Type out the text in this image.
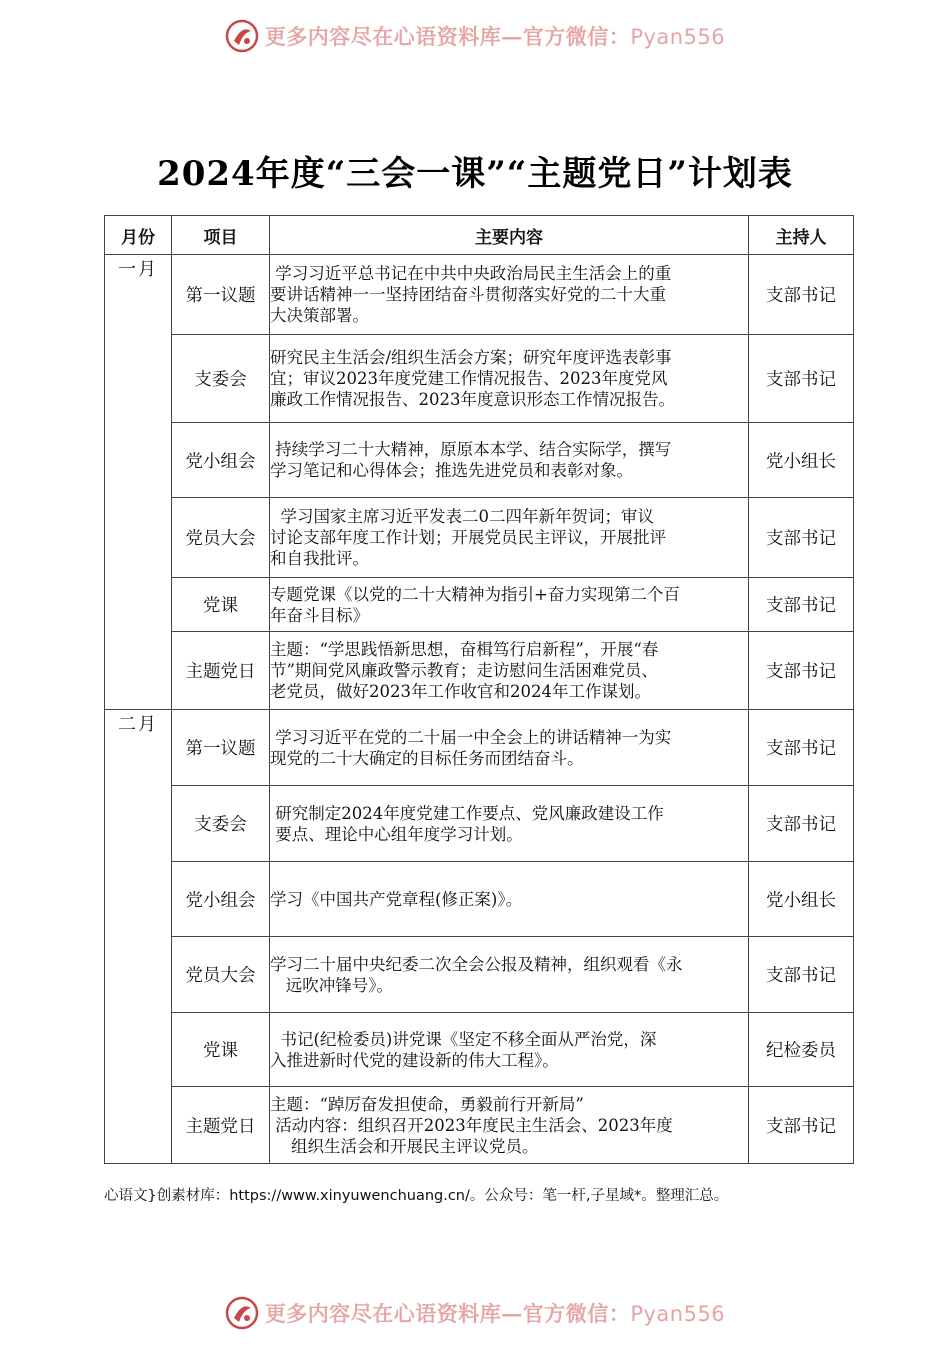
更多内容尽在心语资料库—官方微信：Pyan556
2024年度“三会一课”“主题党日”计划表
月份	项目	主要内容	主持人
一月	第一议题	学习习近平总书记在中共中央政治局民主生活会上的重
要讲话精神一一坚持团结奋斗贯彻落实好党的二十大重
大决策部署。	支部书记
	支委会	研究民主生活会/组织生活会方案；研究年度评选表彰事
宜；审议2023年度党建工作情况报告、2023年度党风
廉政工作情况报告、2023年度意识形态工作情况报告。	支部书记
	党小组会	持续学习二十大精神，原原本本学、结合实际学，撰写
学习笔记和心得体会；推选先进党员和表彰对象。	党小组长
	党员大会	学习国家主席习近平发表二0二四年新年贺词；审议
讨论支部年度工作计划；开展党员民主评议，开展批评
和自我批评。	支部书记
	党课	专题党课《以党的二十大精神为指引+奋力实现第二个百
年奋斗目标》	支部书记
	主题党日	主题：“学思践悟新思想，奋楫笃行启新程”，开展“春
节”期间党风廉政警示教育；走访慰问生活困难党员、
老党员，做好2023年工作收官和2024年工作谋划。	支部书记
二月	第一议题	学习习近平在党的二十届一中全会上的讲话精神一为实
现党的二十大确定的目标任务而团结奋斗。	支部书记
	支委会	研究制定2024年度党建工作要点、党风廉政建设工作
要点、理论中心组年度学习计划。	支部书记
	党小组会	学习《中国共产党章程(修正案)》。	党小组长
	党员大会	学习二十届中央纪委二次全会公报及精神，组织观看《永
远吹冲锋号》。	支部书记
	党课	书记(纪检委员)讲党课《坚定不移全面从严治党，深
入推进新时代党的建设新的伟大工程》。	纪检委员
	主题党日	主题：“踔厉奋发担使命，勇毅前行开新局”
活动内容：组织召开2023年度民主生活会、2023年度
组织生活会和开展民主评议党员。	支部书记
心语文}创素材库：https://www.xinyuwenchuang.cn/。公众号：笔一杆,子星域*。整理汇总。
更多内容尽在心语资料库—官方微信：Pyan556
